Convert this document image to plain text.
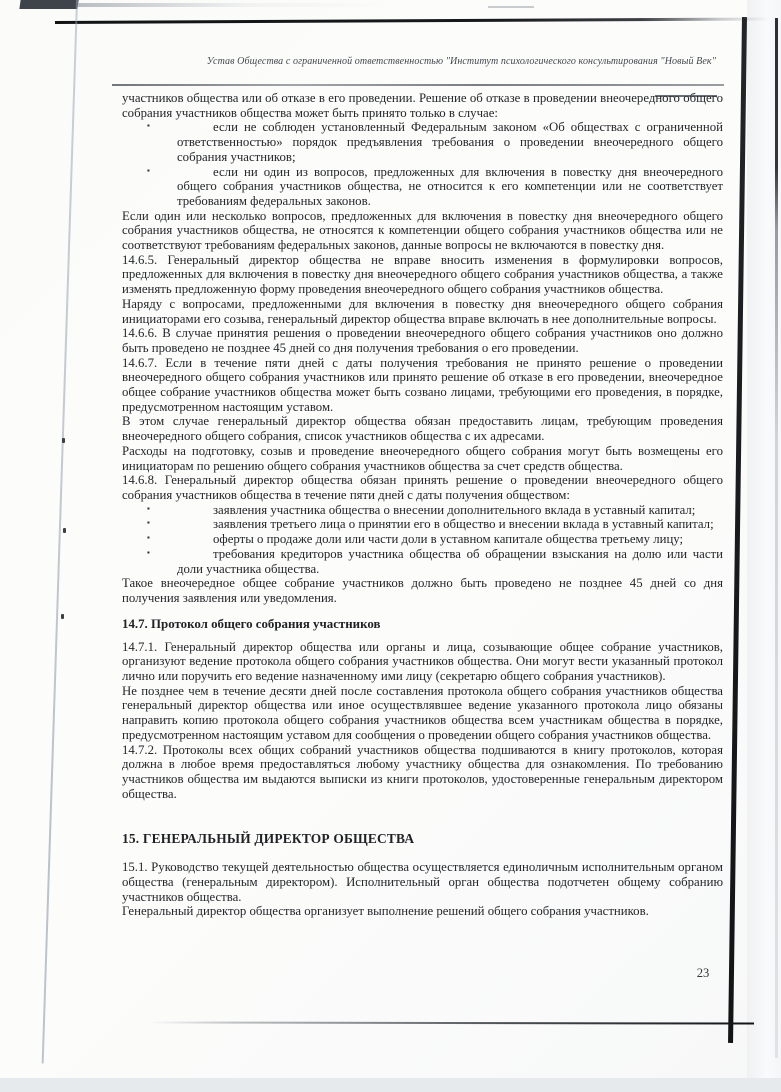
Устав Общества с ограниченной ответственностью "Институт психологического консультирования "Новый Век"

участников общества или об отказе в его проведении. Решение об отказе в проведении внеочередного общего собрания участников общества может быть принято только в случае:

▪	если не соблюден установленный Федеральным законом «Об обществах с ограниченной ответственностью» порядок предъявления требования о проведении внеочередного общего собрания участников;
▪	если ни один из вопросов, предложенных для включения в повестку дня внеочередного общего собрания участников общества, не относится к его компетенции или не соответствует требованиям федеральных законов.

Если один или несколько вопросов, предложенных для включения в повестку дня внеочередного общего собрания участников общества, не относятся к компетенции общего собрания участников общества или не соответствуют требованиям федеральных законов, данные вопросы не включаются в повестку дня.

14.6.5. Генеральный директор общества не вправе вносить изменения в формулировки вопросов, предложенных для включения в повестку дня внеочередного общего собрания участников общества, а также изменять предложенную форму проведения внеочередного общего собрания участников общества.

Наряду с вопросами, предложенными для включения в повестку дня внеочередного общего собрания инициаторами его созыва, генеральный директор общества вправе включать в нее дополнительные вопросы.

14.6.6. В случае принятия решения о проведении внеочередного общего собрания участников оно должно быть проведено не позднее 45 дней со дня получения требования о его проведении.

14.6.7. Если в течение пяти дней с даты получения требования не принято решение о проведении внеочередного общего собрания участников или принято решение об отказе в его проведении, внеочередное общее собрание участников общества может быть созвано лицами, требующими его проведения, в порядке, предусмотренном настоящим уставом.

В этом случае генеральный директор общества обязан предоставить лицам, требующим проведения внеочередного общего собрания, список участников общества с их адресами.

Расходы на подготовку, созыв и проведение внеочередного общего собрания могут быть возмещены его инициаторам по решению общего собрания участников общества за счет средств общества.

14.6.8. Генеральный директор общества обязан принять решение о проведении внеочередного общего собрания участников общества в течение пяти дней с даты получения обществом:

▪	заявления участника общества о внесении дополнительного вклада в уставный капитал;
▪	заявления третьего лица о принятии его в общество и внесении вклада в уставный капитал;
▪	оферты о продаже доли или части доли в уставном капитале общества третьему лицу;
▪	требования кредиторов участника общества об обращении взыскания на долю или части доли участника общества.

Такое внеочередное общее собрание участников должно быть проведено не позднее 45 дней со дня получения заявления или уведомления.

14.7. Протокол общего собрания участников

14.7.1. Генеральный директор общества или органы и лица, созывающие общее собрание участников, организуют ведение протокола общего собрания участников общества. Они могут вести указанный протокол лично или поручить его ведение назначенному ими лицу (секретарю общего собрания участников).

Не позднее чем в течение десяти дней после составления протокола общего собрания участников общества генеральный директор общества или иное осуществлявшее ведение указанного протокола лицо обязаны направить копию протокола общего собрания участников общества всем участникам общества в порядке, предусмотренном настоящим уставом для сообщения о проведении общего собрания участников общества.

14.7.2. Протоколы всех общих собраний участников общества подшиваются в книгу протоколов, которая должна в любое время предоставляться любому участнику общества для ознакомления. По требованию участников общества им выдаются выписки из книги протоколов, удостоверенные генеральным директором общества.

15. ГЕНЕРАЛЬНЫЙ ДИРЕКТОР ОБЩЕСТВА

15.1. Руководство текущей деятельностью общества осуществляется единоличным исполнительным органом общества (генеральным директором). Исполнительный орган общества подотчетен общему собранию участников общества.

Генеральный директор общества организует выполнение решений общего собрания участников.

23
